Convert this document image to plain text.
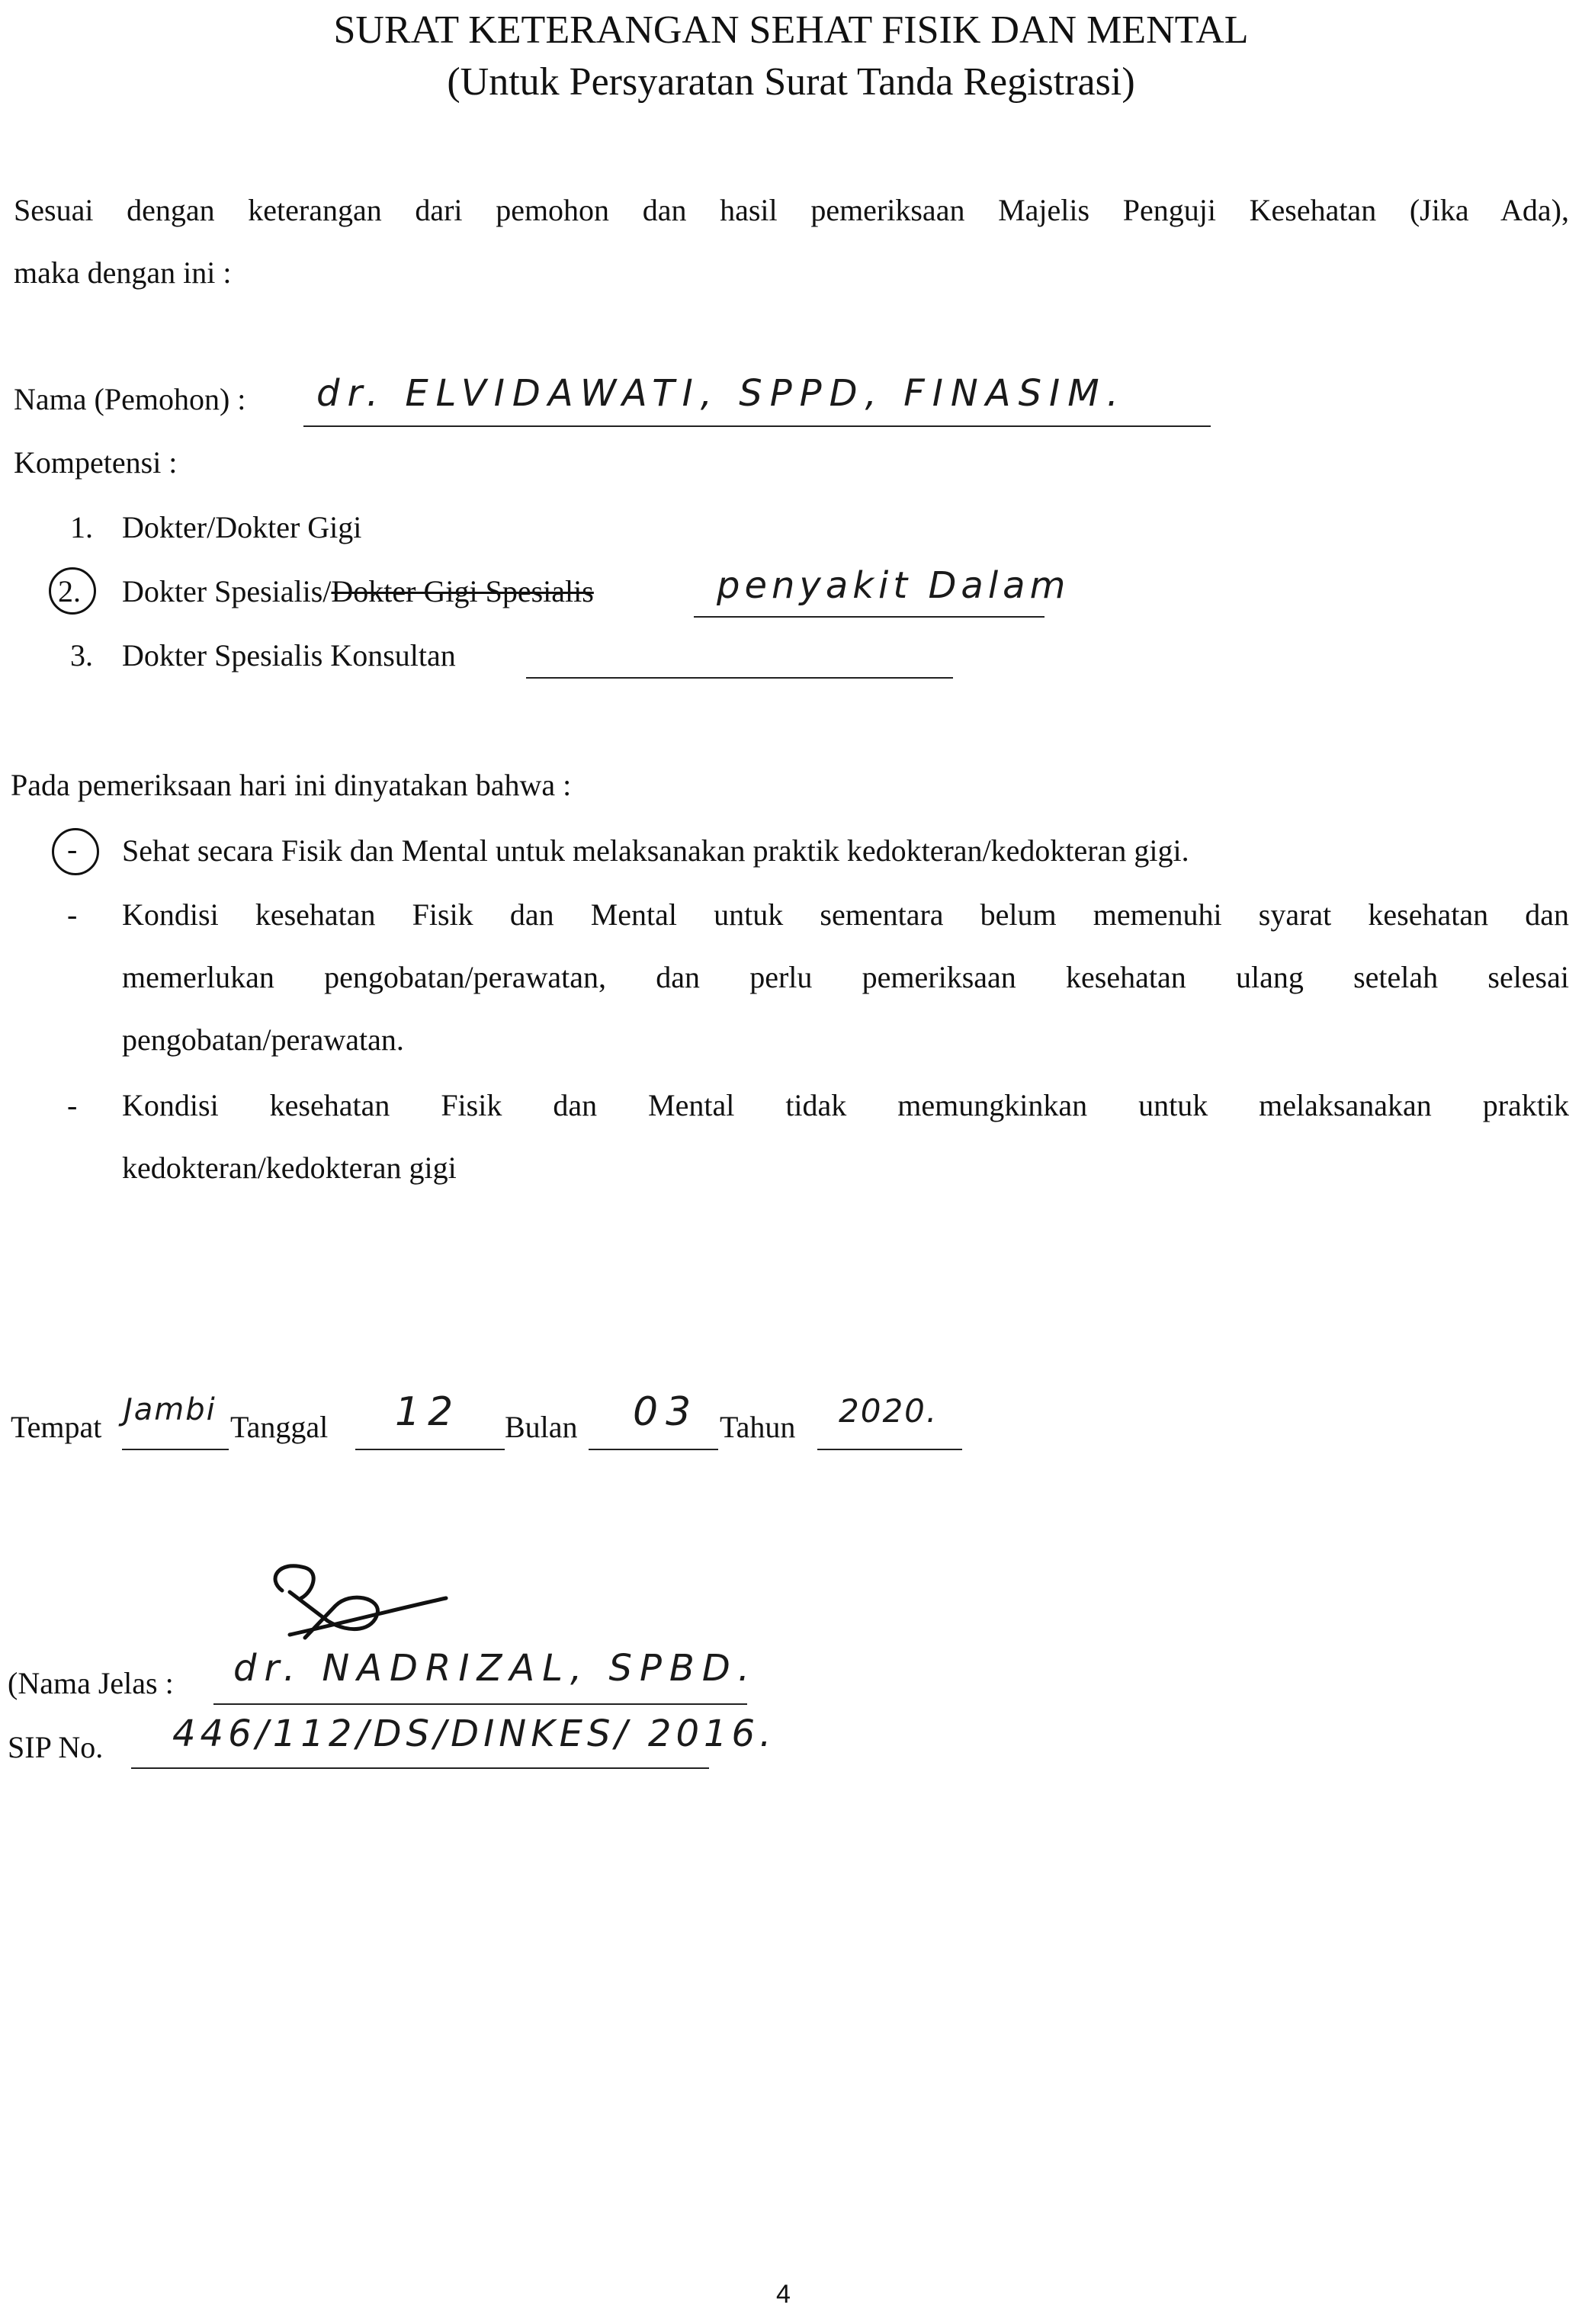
SURAT KETERANGAN SEHAT FISIK DAN MENTAL
(Untuk Persyaratan Surat Tanda Registrasi)
Sesuai dengan keterangan dari pemohon dan hasil pemeriksaan Majelis Penguji Kesehatan (Jika Ada),
maka dengan ini :
Nama (Pemohon) : dr. ELVIDAWATI, SPPD, FINASIM.
Kompetensi :
1. Dokter/Dokter Gigi
2. Dokter Spesialis/Dokter Gigi Spesialis	penyakit Dalam
3. Dokter Spesialis Konsultan
Pada pemeriksaan hari ini dinyatakan bahwa :
- Sehat secara Fisik dan Mental untuk melaksanakan praktik kedokteran/kedokteran gigi.
- Kondisi kesehatan Fisik dan Mental untuk sementara belum memenuhi syarat kesehatan dan
memerlukan pengobatan/perawatan, dan perlu pemeriksaan kesehatan ulang setelah selesai
pengobatan/perawatan.
- Kondisi kesehatan Fisik dan Mental tidak memungkinkan untuk melaksanakan praktik
kedokteran/kedokteran gigi
Tempat Jambi Tanggal 12 Bulan 03 Tahun 2020.
(Nama Jelas : dr. NADRIZAL, SPBD.
SIP No. 446/112/DS/DINKES/ 2016.
4
